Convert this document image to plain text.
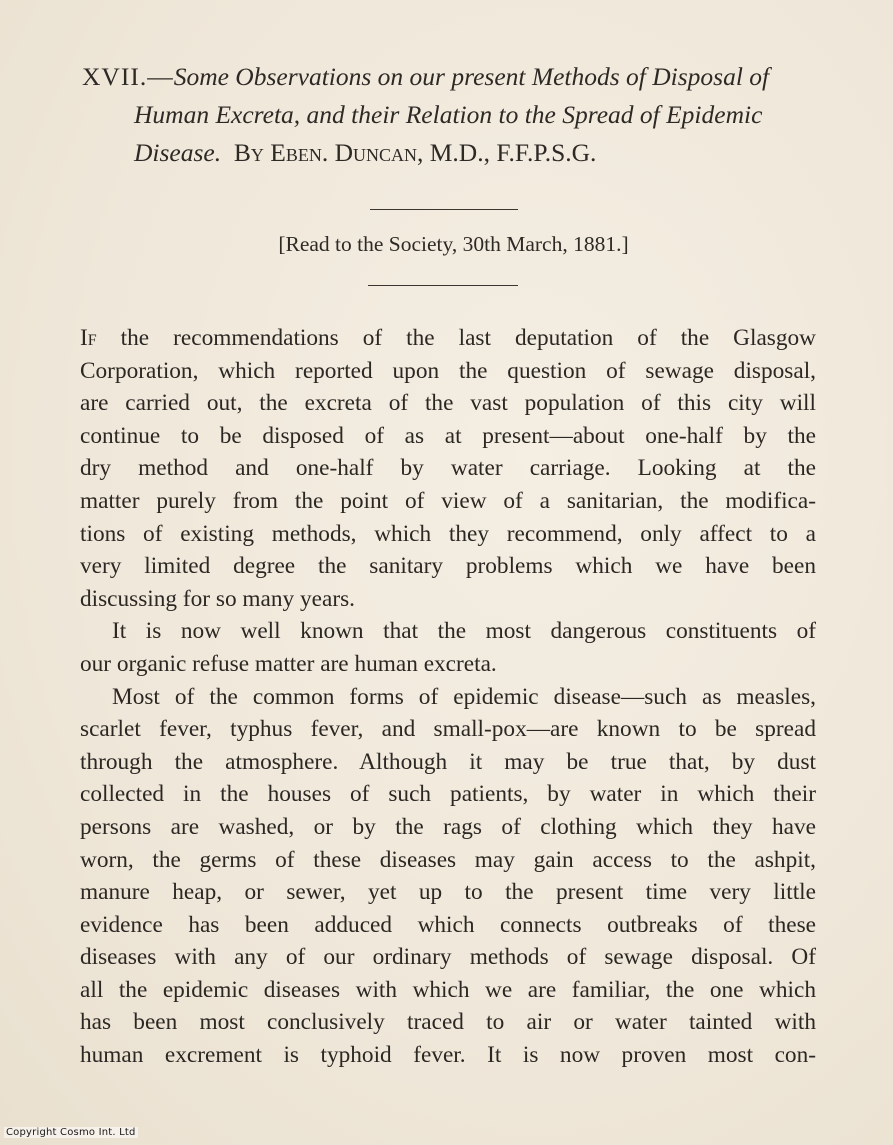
XVII.—Some Observations on our present Methods of Disposal of
Human Excreta, and their Relation to the Spread of Epidemic
Disease. By Eben. Duncan, M.D., F.F.P.S.G.
[Read to the Society, 30th March, 1881.]
If the recommendations of the last deputation of the Glasgow
Corporation, which reported upon the question of sewage disposal,
are carried out, the excreta of the vast population of this city will
continue to be disposed of as at present—about one-half by the
dry method and one-half by water carriage. Looking at the
matter purely from the point of view of a sanitarian, the modifica-
tions of existing methods, which they recommend, only affect to a
very limited degree the sanitary problems which we have been
discussing for so many years.
It is now well known that the most dangerous constituents of
our organic refuse matter are human excreta.
Most of the common forms of epidemic disease—such as measles,
scarlet fever, typhus fever, and small-pox—are known to be spread
through the atmosphere. Although it may be true that, by dust
collected in the houses of such patients, by water in which their
persons are washed, or by the rags of clothing which they have
worn, the germs of these diseases may gain access to the ashpit,
manure heap, or sewer, yet up to the present time very little
evidence has been adduced which connects outbreaks of these
diseases with any of our ordinary methods of sewage disposal. Of
all the epidemic diseases with which we are familiar, the one which
has been most conclusively traced to air or water tainted with
human excrement is typhoid fever. It is now proven most con-
Copyright Cosmo Int. Ltd
